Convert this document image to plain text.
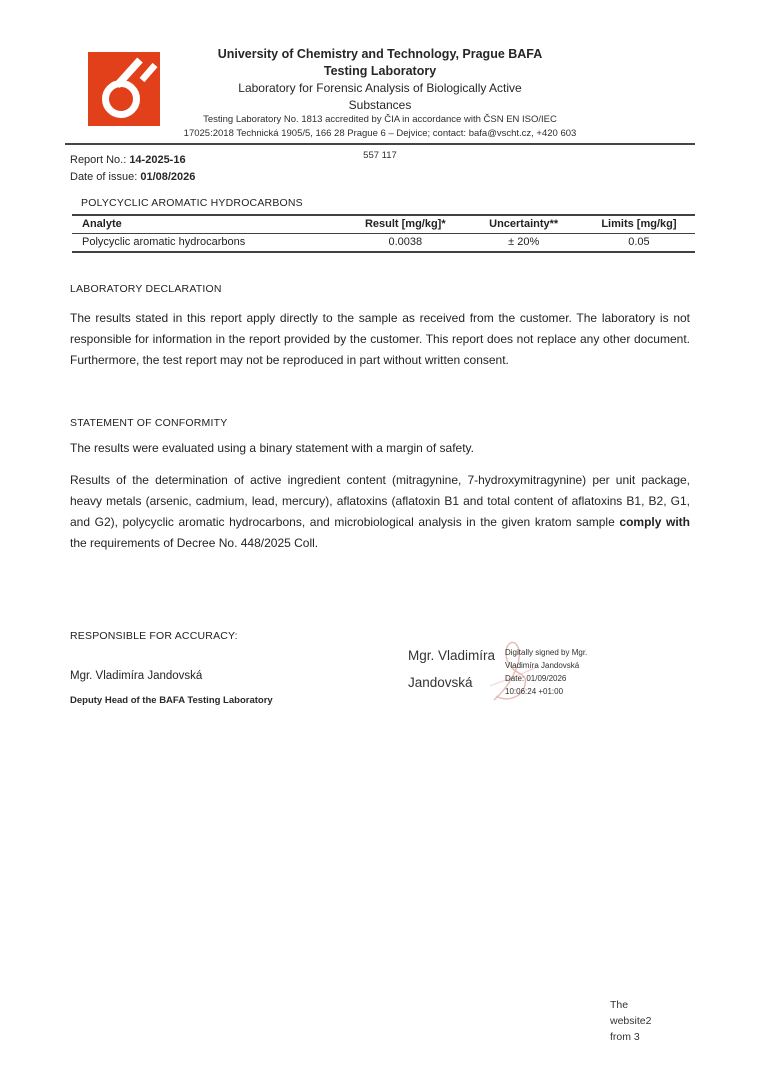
University of Chemistry and Technology, Prague BAFA
Testing Laboratory
Laboratory for Forensic Analysis of Biologically Active
Substances
Testing Laboratory No. 1813 accredited by ČIA in accordance with ČSN EN ISO/IEC
17025:2018 Technická 1905/5, 166 28 Prague 6 – Dejvice; contact: bafa@vscht.cz, +420 603
557 117
Report No.: 14-2025-16
Date of issue: 01/08/2026
POLYCYCLIC AROMATIC HYDROCARBONS
Analyte	Result [mg/kg]*	Uncertainty**	Limits [mg/kg]
Polycyclic aromatic hydrocarbons	0.0038	± 20%	0.05
LABORATORY DECLARATION
The results stated in this report apply directly to the sample as received from the customer. The laboratory is not responsible for information in the report provided by the customer. This report does not replace any other document. Furthermore, the test report may not be reproduced in part without written consent.
STATEMENT OF CONFORMITY
The results were evaluated using a binary statement with a margin of safety.
Results of the determination of active ingredient content (mitragynine, 7-hydroxymitragynine) per unit package, heavy metals (arsenic, cadmium, lead, mercury), aflatoxins (aflatoxin B1 and total content of aflatoxins B1, B2, G1, and G2), polycyclic aromatic hydrocarbons, and microbiological analysis in the given kratom sample comply with the requirements of Decree No. 448/2025 Coll.
RESPONSIBLE FOR ACCURACY:
Mgr. Vladimíra Jandovská
Deputy Head of the BAFA Testing Laboratory
Mgr. Vladimíra
Jandovská
Digitally signed by Mgr.
Vladimíra Jandovská
Date: 01/09/2026
10:06:24 +01:00
The
website2
from 3
